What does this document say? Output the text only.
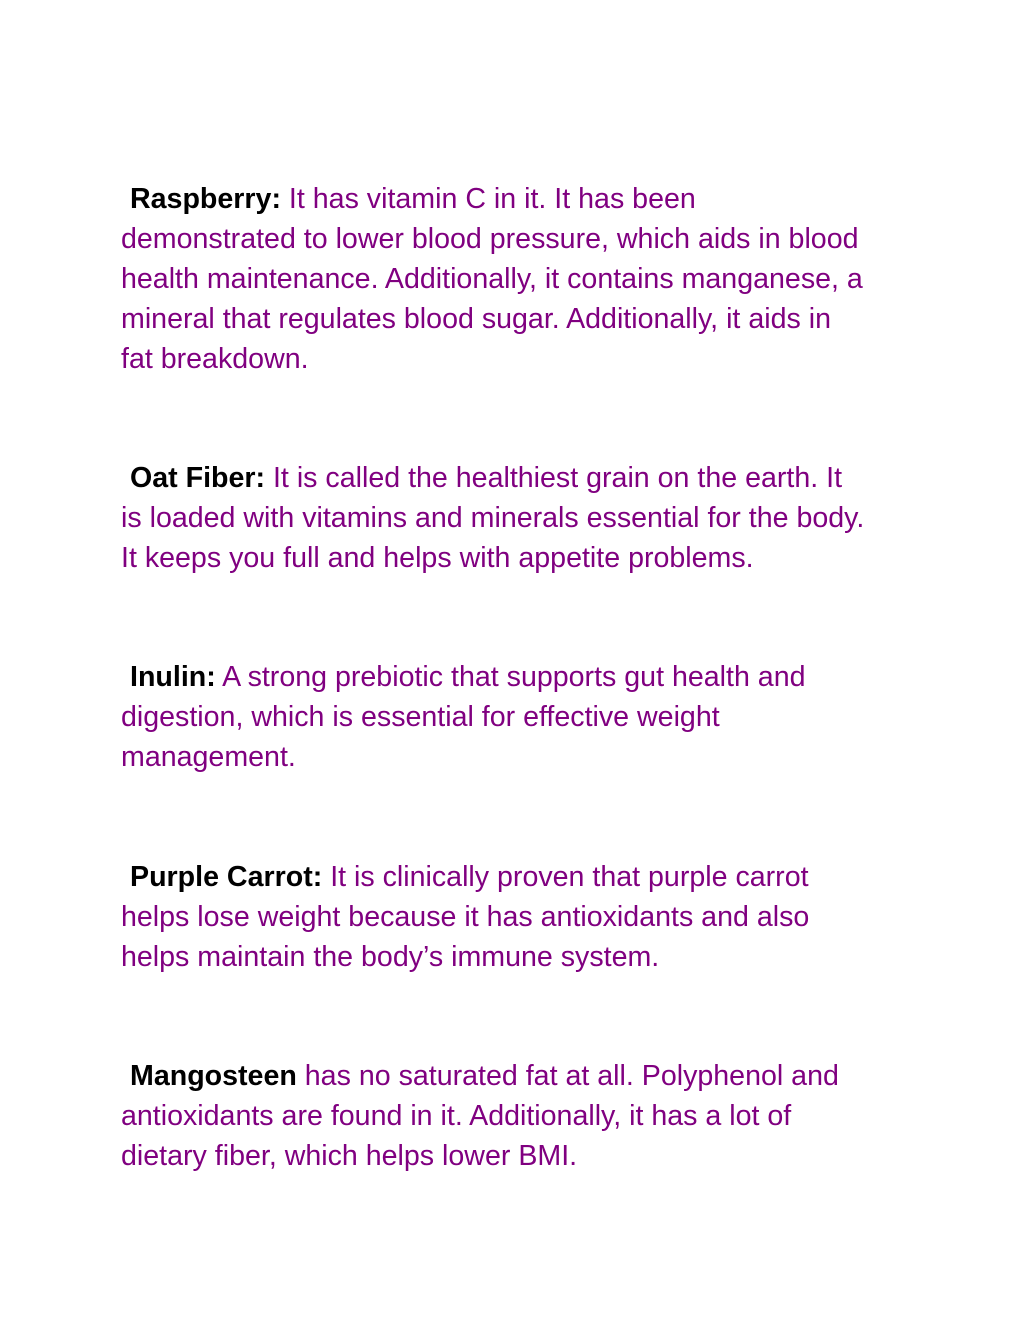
Raspberry: It has vitamin C in it. It has been
demonstrated to lower blood pressure, which aids in blood
health maintenance. Additionally, it contains manganese, a
mineral that regulates blood sugar. Additionally, it aids in
fat breakdown.

Oat Fiber: It is called the healthiest grain on the earth. It
is loaded with vitamins and minerals essential for the body.
It keeps you full and helps with appetite problems.

Inulin: A strong prebiotic that supports gut health and
digestion, which is essential for effective weight
management.

Purple Carrot: It is clinically proven that purple carrot
helps lose weight because it has antioxidants and also
helps maintain the body’s immune system.

Mangosteen has no saturated fat at all. Polyphenol and
antioxidants are found in it. Additionally, it has a lot of
dietary fiber, which helps lower BMI.
